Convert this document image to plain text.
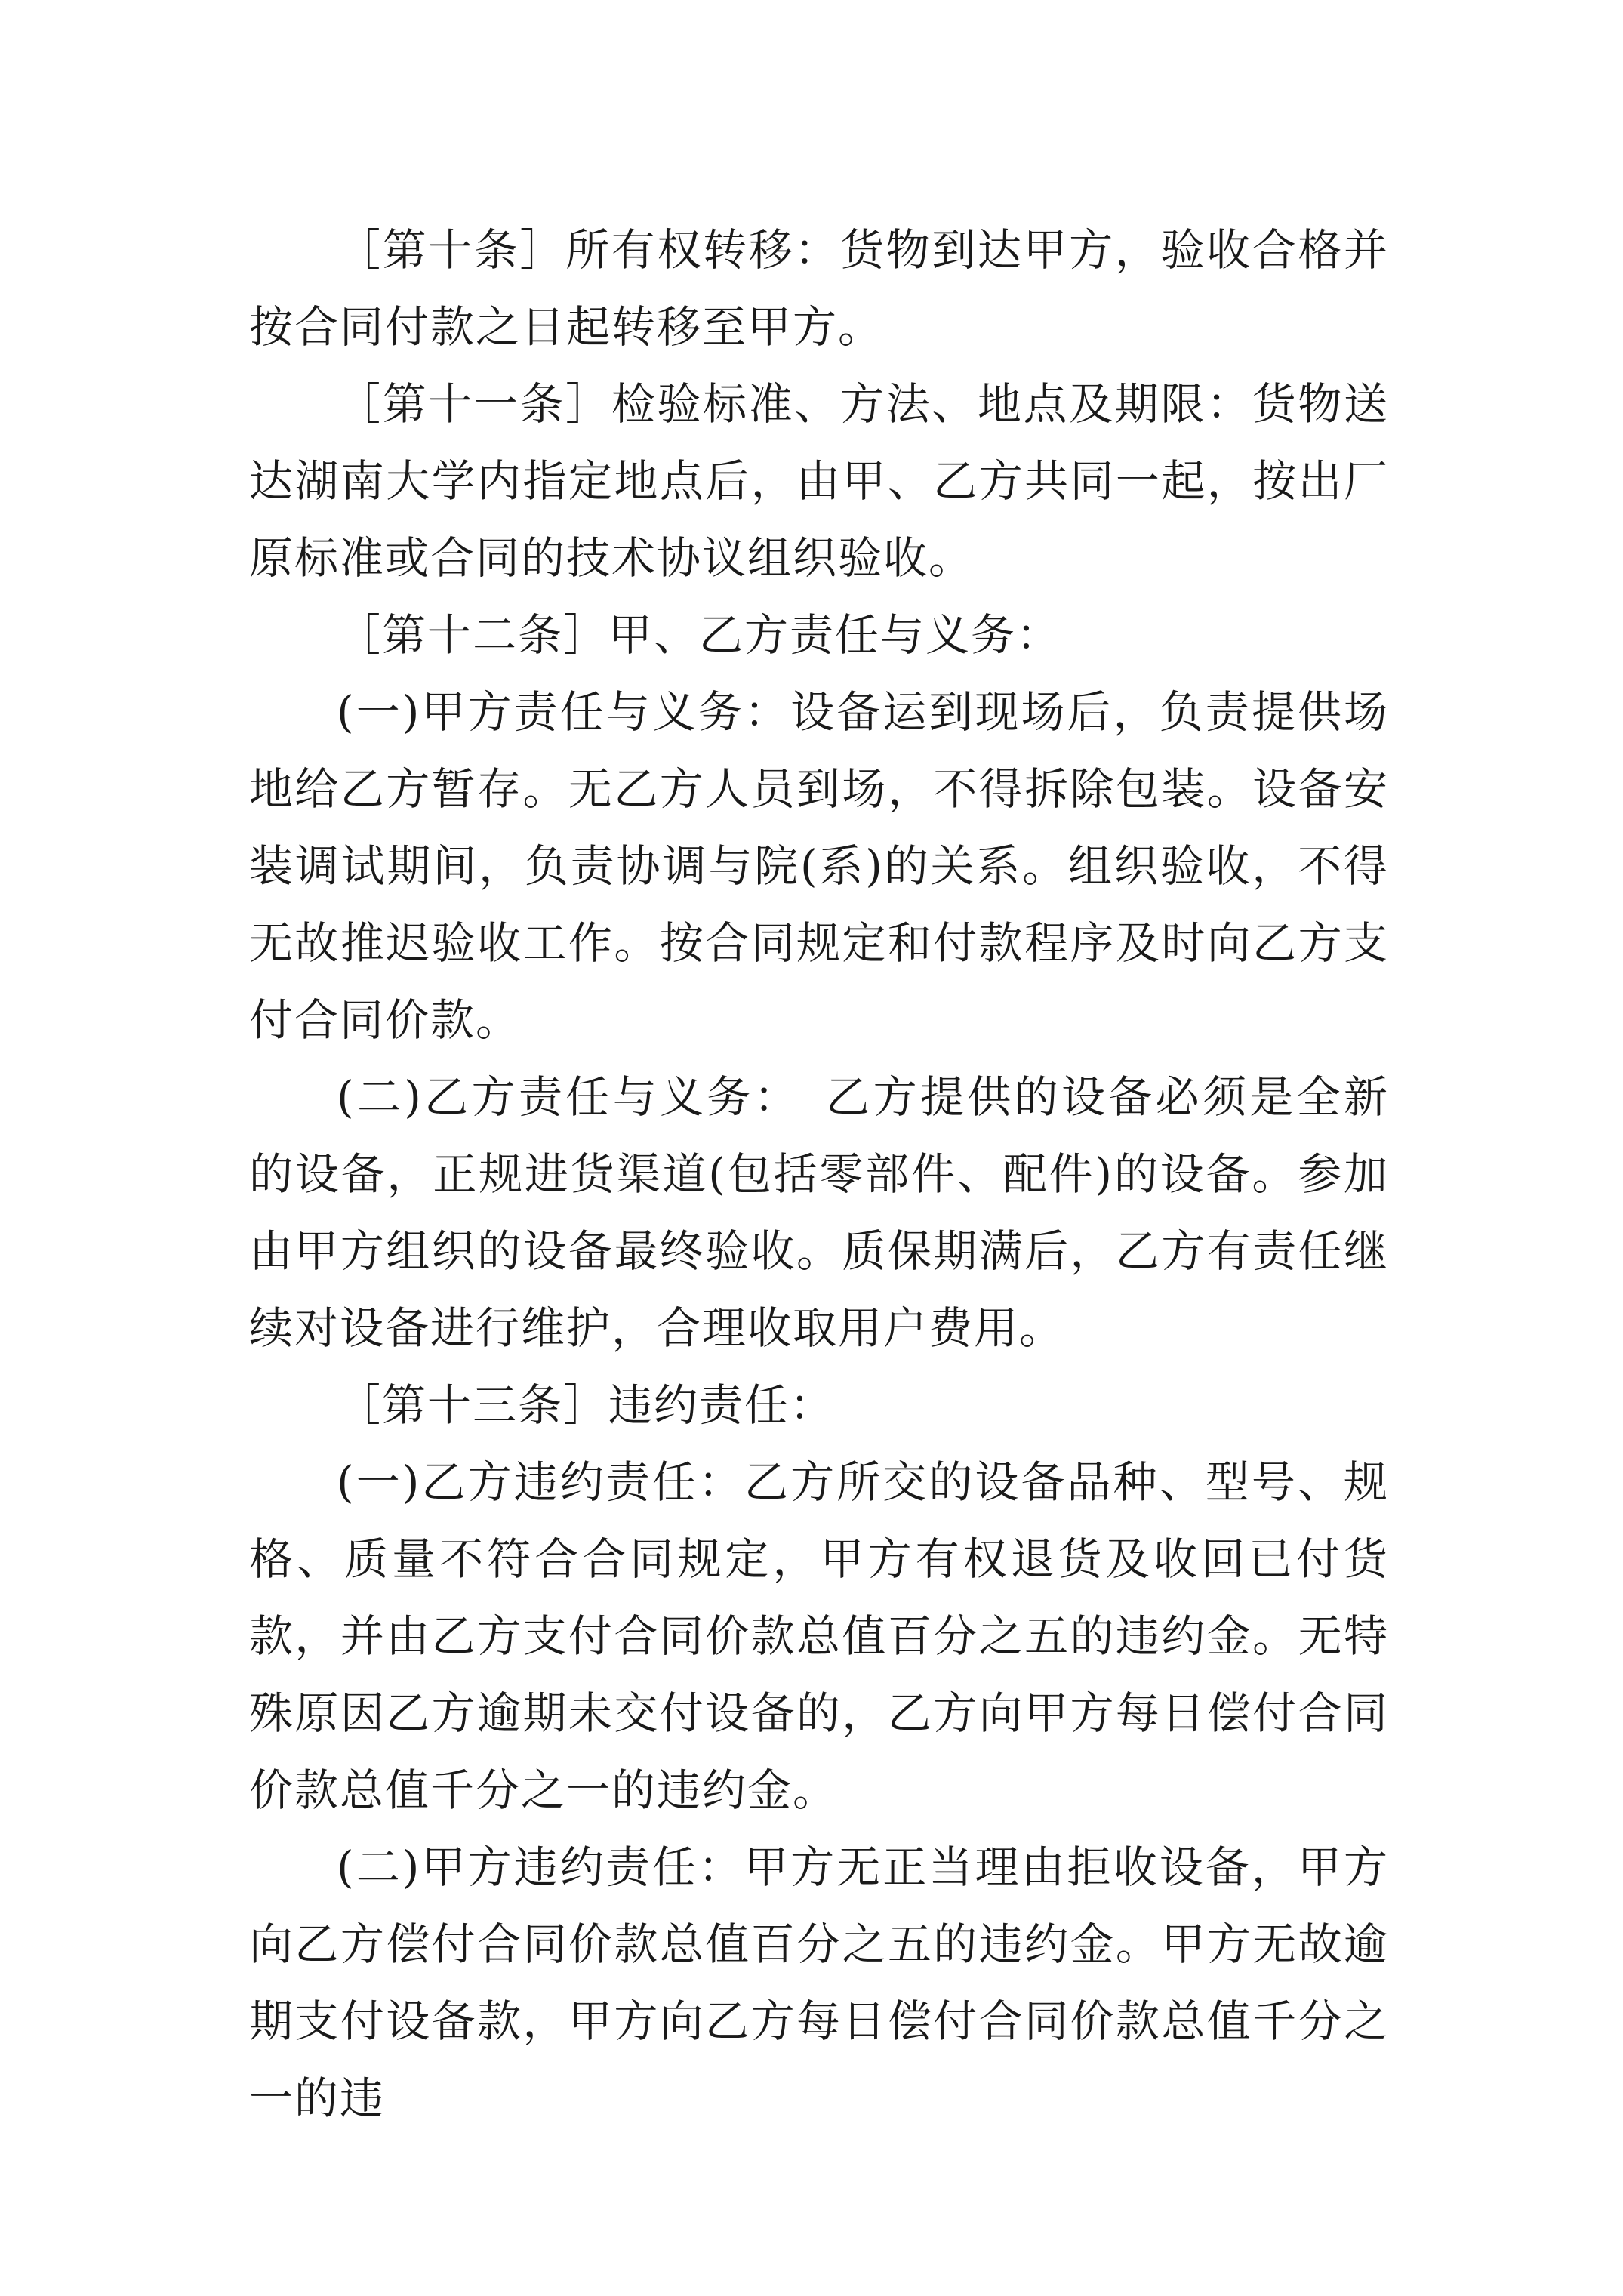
［第十条］所有权转移：货物到达甲方，验收合格并按合同付款之日起转移至甲方。

［第十一条］检验标准、方法、地点及期限：货物送达湖南大学内指定地点后，由甲、乙方共同一起，按出厂原标准或合同的技术协议组织验收。

［第十二条］甲、乙方责任与义务：

(一)甲方责任与义务：设备运到现场后，负责提供场地给乙方暂存。无乙方人员到场，不得拆除包装。设备安装调试期间，负责协调与院(系)的关系。组织验收，不得无故推迟验收工作。按合同规定和付款程序及时向乙方支付合同价款。

(二)乙方责任与义务：　乙方提供的设备必须是全新的设备，正规进货渠道(包括零部件、配件)的设备。参加由甲方组织的设备最终验收。质保期满后，乙方有责任继续对设备进行维护，合理收取用户费用。

［第十三条］违约责任：

(一)乙方违约责任：乙方所交的设备品种、型号、规格、质量不符合合同规定，甲方有权退货及收回已付货款，并由乙方支付合同价款总值百分之五的违约金。无特殊原因乙方逾期未交付设备的，乙方向甲方每日偿付合同价款总值千分之一的违约金。

(二)甲方违约责任：甲方无正当理由拒收设备，甲方向乙方偿付合同价款总值百分之五的违约金。甲方无故逾期支付设备款，甲方向乙方每日偿付合同价款总值千分之一的违
